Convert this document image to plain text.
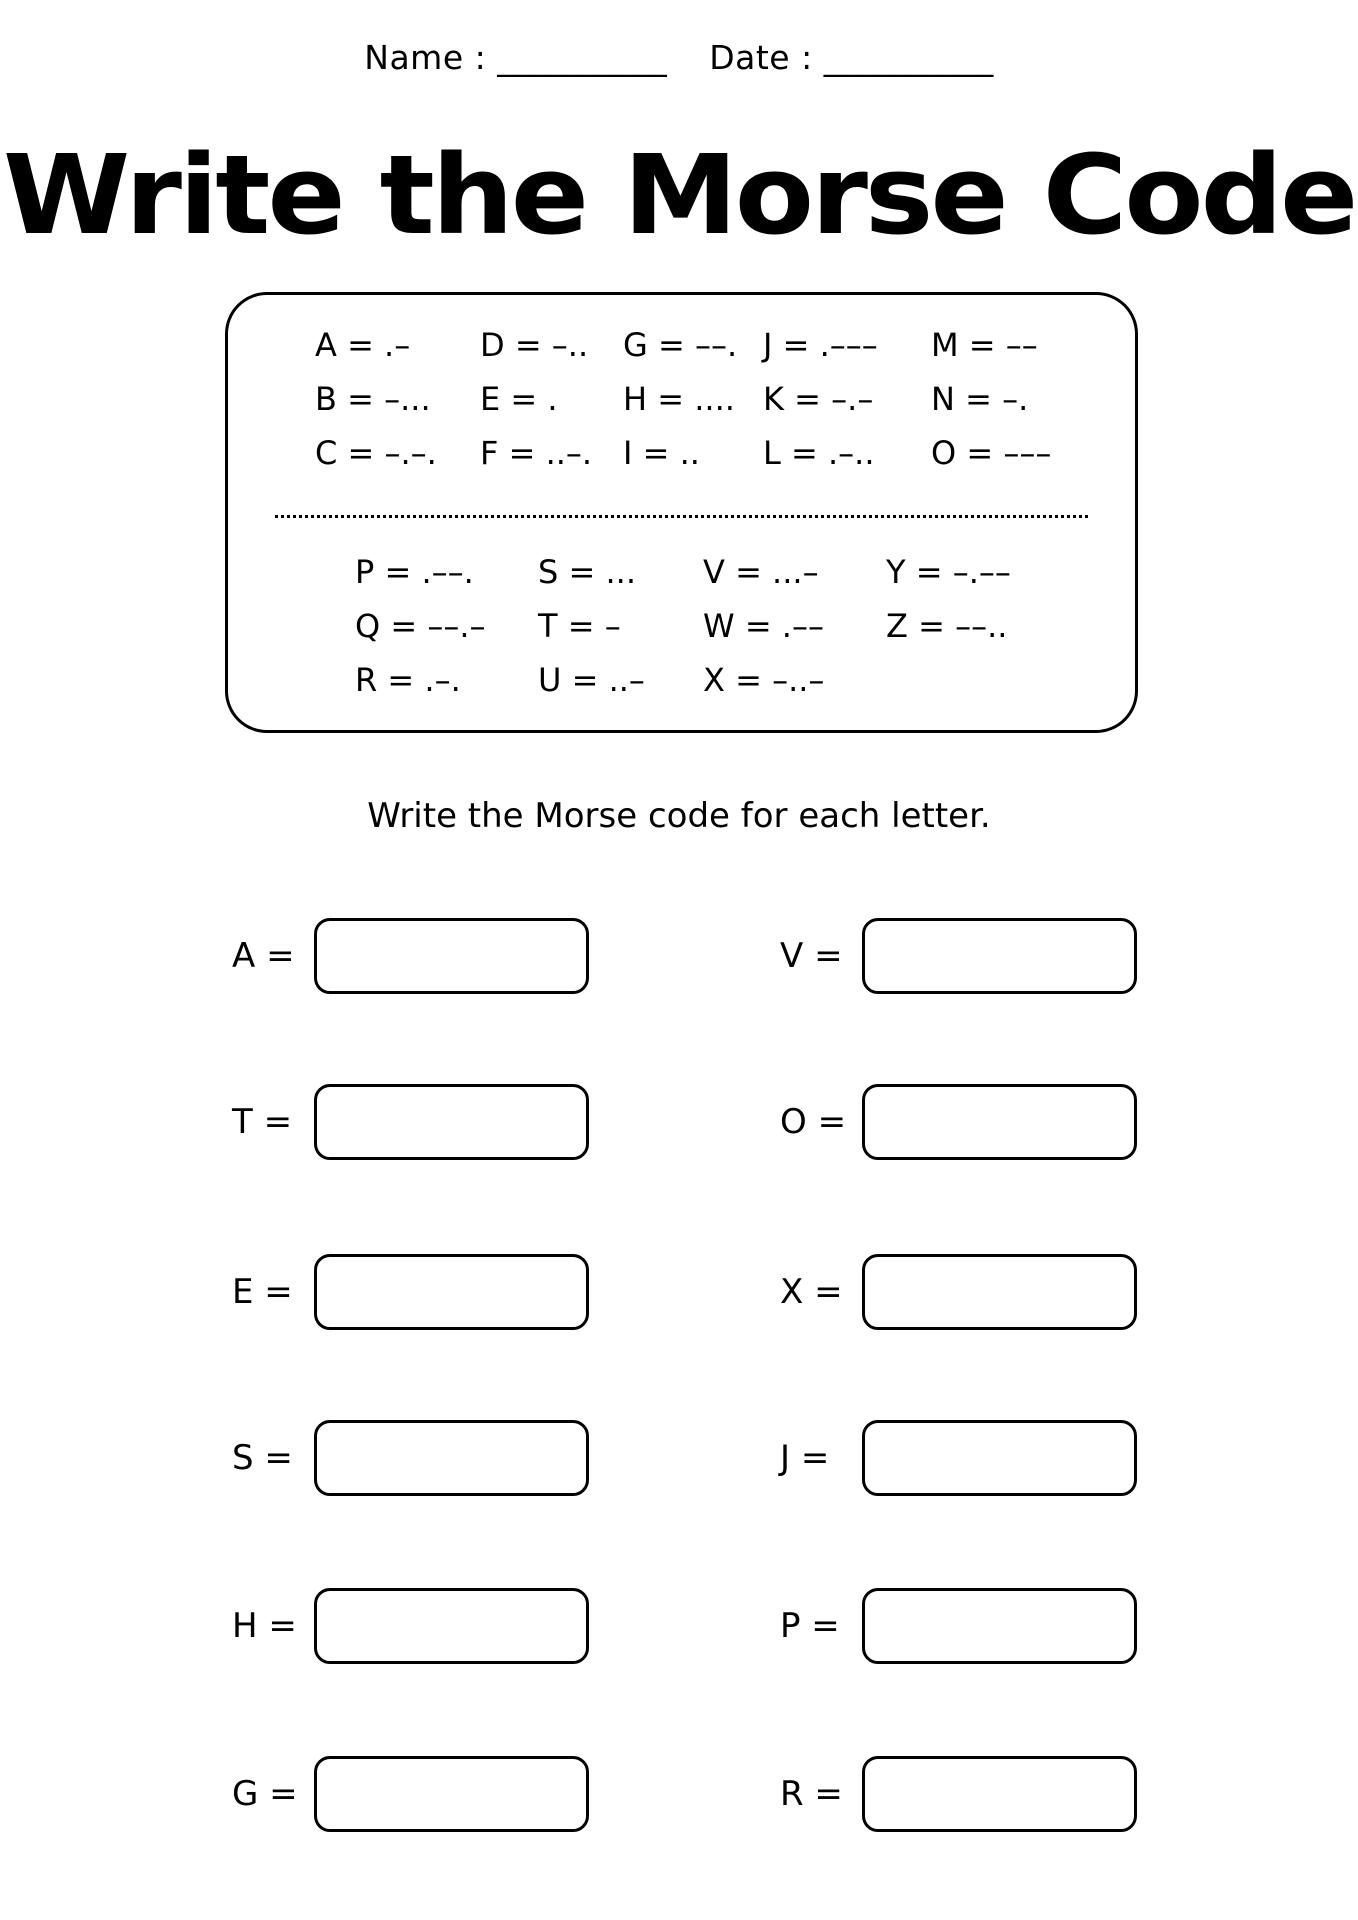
Name : __________ Date : __________
Write the Morse Code
A = .– D = –.. G = ––. J = .––– M = ––
B = –... E = . H = .... K = –.– N = –.
C = –.–. F = ..–. I = .. L = .–.. O = –––
P = .––. S = ... V = ...– Y = –.––
Q = ––.– T = –	W = .–– Z = ––..
R = .–. U = ..– X = –..–
Write the Morse code for each letter.
A =
T =
E =
S =
H =
G =
V =
O =
X =
J =
P =
R =
